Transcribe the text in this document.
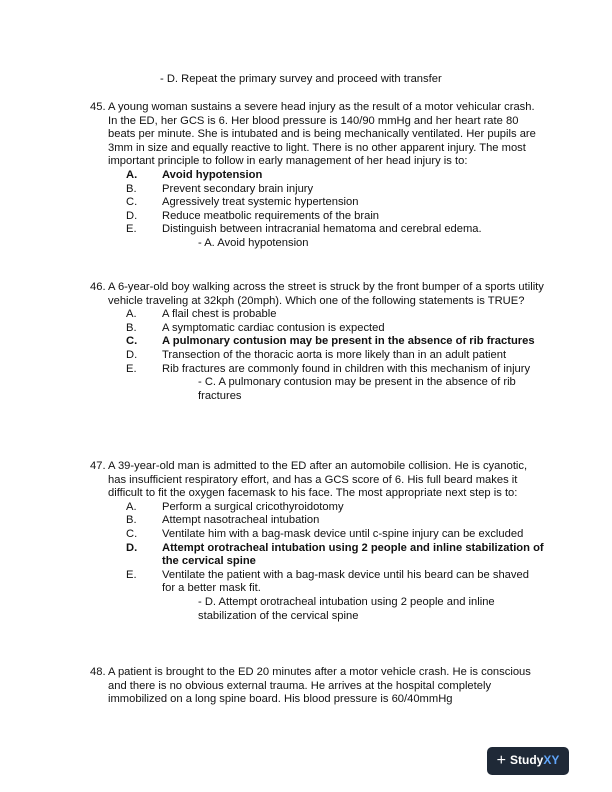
- D. Repeat the primary survey and proceed with transfer
45. A young woman sustains a severe head injury as the result of a motor vehicular crash. In the ED, her GCS is 6. Her blood pressure is 140/90 mmHg and her heart rate 80 beats per minute. She is intubated and is being mechanically ventilated. Her pupils are 3mm in size and equally reactive to light. There is no other apparent injury. The most important principle to follow in early management of her head injury is to:
A.	Avoid hypotension
B.	Prevent secondary brain injury
C.	Agressively treat systemic hypertension
D.	Reduce meatbolic requirements of the brain
E.	Distinguish between intracranial hematoma and cerebral edema.
- A. Avoid hypotension
46. A 6-year-old boy walking across the street is struck by the front bumper of a sports utility vehicle traveling at 32kph (20mph). Which one of the following statements is TRUE?
A.	A flail chest is probable
B.	A symptomatic cardiac contusion is expected
C.	A pulmonary contusion may be present in the absence of rib fractures
D.	Transection of the thoracic aorta is more likely than in an adult patient
E.	Rib fractures are commonly found in children with this mechanism of injury
- C. A pulmonary contusion may be present in the absence of rib fractures
47. A 39-year-old man is admitted to the ED after an automobile collision. He is cyanotic, has insufficient respiratory effort, and has a GCS score of 6. His full beard makes it difficult to fit the oxygen facemask to his face. The most appropriate next step is to:
A.	Perform a surgical cricothyroidotomy
B.	Attempt nasotracheal intubation
C.	Ventilate him with a bag-mask device until c-spine injury can be excluded
D.	Attempt orotracheal intubation using 2 people and inline stabilization of the cervical spine
E.	Ventilate the patient with a bag-mask device until his beard can be shaved for a better mask fit.
- D. Attempt orotracheal intubation using 2 people and inline stabilization of the cervical spine
48. A patient is brought to the ED 20 minutes after a motor vehicle crash. He is conscious and there is no obvious external trauma. He arrives at the hospital completely immobilized on a long spine board. His blood pressure is 60/40mmHg
+ Study XY
